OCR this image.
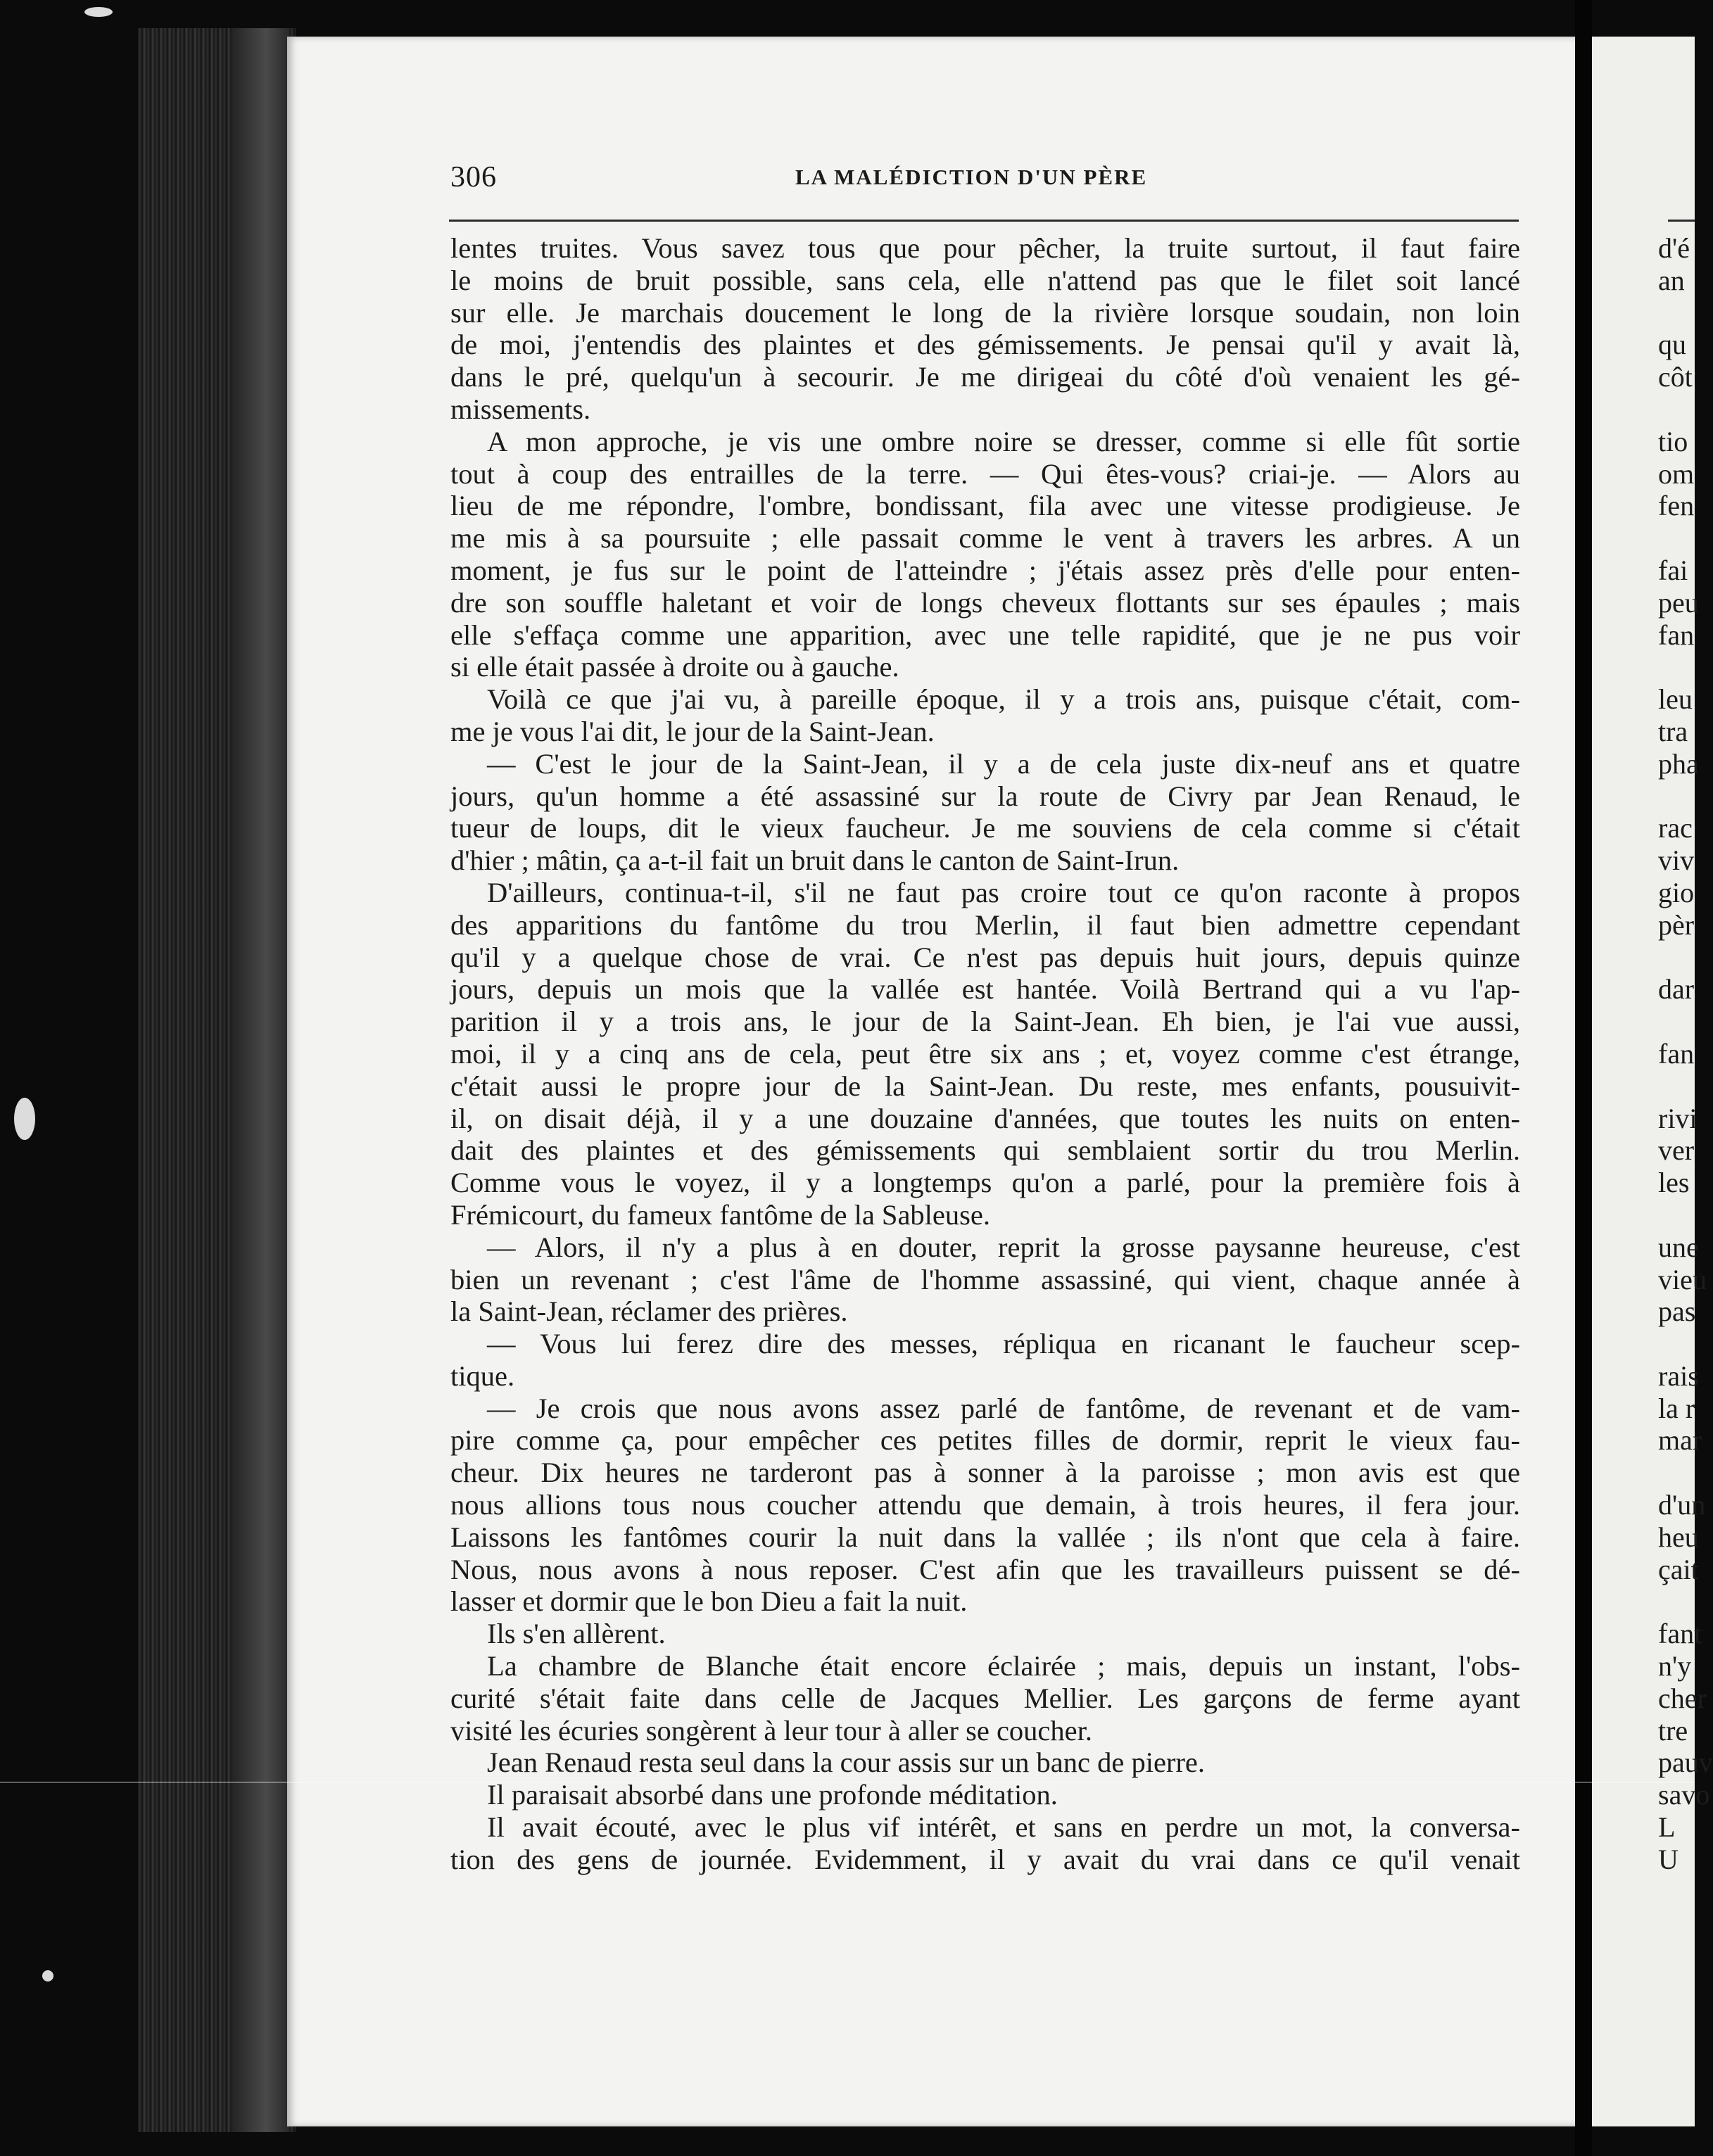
306	LA MALÉDICTION D'UN PÈRE
lentes truites. Vous savez tous que pour pêcher, la truite surtout, il faut faire
le moins de bruit possible, sans cela, elle n'attend pas que le filet soit lancé
sur elle. Je marchais doucement le long de la rivière lorsque soudain, non loin
de moi, j'entendis des plaintes et des gémissements. Je pensai qu'il y avait là,
dans le pré, quelqu'un à secourir. Je me dirigeai du côté d'où venaient les gé-
missements.
A mon approche, je vis une ombre noire se dresser, comme si elle fût sortie
tout à coup des entrailles de la terre. — Qui êtes-vous? criai-je. — Alors au
lieu de me répondre, l'ombre, bondissant, fila avec une vitesse prodigieuse. Je
me mis à sa poursuite ; elle passait comme le vent à travers les arbres. A un
moment, je fus sur le point de l'atteindre ; j'étais assez près d'elle pour enten-
dre son souffle haletant et voir de longs cheveux flottants sur ses épaules ; mais
elle s'effaça comme une apparition, avec une telle rapidité, que je ne pus voir
si elle était passée à droite ou à gauche.
Voilà ce que j'ai vu, à pareille époque, il y a trois ans, puisque c'était, com-
me je vous l'ai dit, le jour de la Saint-Jean.
— C'est le jour de la Saint-Jean, il y a de cela juste dix-neuf ans et quatre
jours, qu'un homme a été assassiné sur la route de Civry par Jean Renaud, le
tueur de loups, dit le vieux faucheur. Je me souviens de cela comme si c'était
d'hier ; mâtin, ça a-t-il fait un bruit dans le canton de Saint-Irun.
D'ailleurs, continua-t-il, s'il ne faut pas croire tout ce qu'on raconte à propos
des apparitions du fantôme du trou Merlin, il faut bien admettre cependant
qu'il y a quelque chose de vrai. Ce n'est pas depuis huit jours, depuis quinze
jours, depuis un mois que la vallée est hantée. Voilà Bertrand qui a vu l'ap-
parition il y a trois ans, le jour de la Saint-Jean. Eh bien, je l'ai vue aussi,
moi, il y a cinq ans de cela, peut être six ans ; et, voyez comme c'est étrange,
c'était aussi le propre jour de la Saint-Jean. Du reste, mes enfants, pousuivit-
il, on disait déjà, il y a une douzaine d'années, que toutes les nuits on enten-
dait des plaintes et des gémissements qui semblaient sortir du trou Merlin.
Comme vous le voyez, il y a longtemps qu'on a parlé, pour la première fois à
Frémicourt, du fameux fantôme de la Sableuse.
— Alors, il n'y a plus à en douter, reprit la grosse paysanne heureuse, c'est
bien un revenant ; c'est l'âme de l'homme assassiné, qui vient, chaque année à
la Saint-Jean, réclamer des prières.
— Vous lui ferez dire des messes, répliqua en ricanant le faucheur scep-
tique.
— Je crois que nous avons assez parlé de fantôme, de revenant et de vam-
pire comme ça, pour empêcher ces petites filles de dormir, reprit le vieux fau-
cheur. Dix heures ne tarderont pas à sonner à la paroisse ; mon avis est que
nous allions tous nous coucher attendu que demain, à trois heures, il fera jour.
Laissons les fantômes courir la nuit dans la vallée ; ils n'ont que cela à faire.
Nous, nous avons à nous reposer. C'est afin que les travailleurs puissent se dé-
lasser et dormir que le bon Dieu a fait la nuit.
Ils s'en allèrent.
La chambre de Blanche était encore éclairée ; mais, depuis un instant, l'obs-
curité s'était faite dans celle de Jacques Mellier. Les garçons de ferme ayant
visité les écuries songèrent à leur tour à aller se coucher.
Jean Renaud resta seul dans la cour assis sur un banc de pierre.
Il paraisait absorbé dans une profonde méditation.
Il avait écouté, avec le plus vif intérêt, et sans en perdre un mot, la conversa-
tion des gens de journée. Evidemment, il y avait du vrai dans ce qu'il venait
d'é
an
qu
côt
tio
om
fen
fai
peu
fan
leu
tra
pha
rac
viv
gio
pèr
dar
fan
rivi
ver
les
une
vieu
pas
rais
la r
mar
d'un
heu
çait
fant
n'y
cher
tre
pauv
savo
L
U
